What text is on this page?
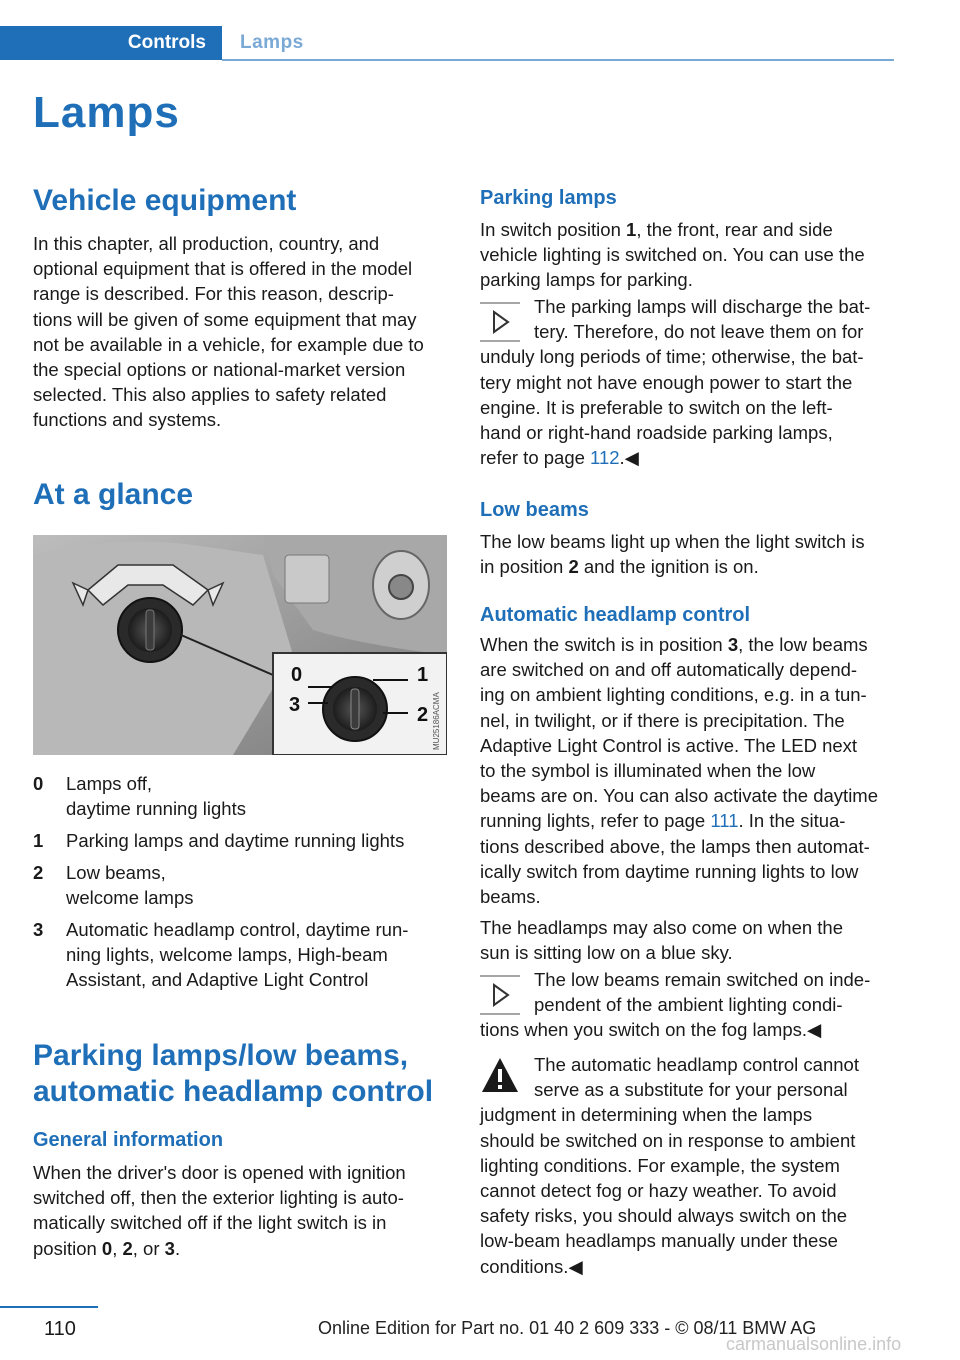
Controls	Lamps
Lamps
Vehicle equipment
In this chapter, all production, country, and
optional equipment that is offered in the model
range is described. For this reason, descrip-
tions will be given of some equipment that may
not be available in a vehicle, for example due to
the special options or national-market version
selected. This also applies to safety related
functions and systems.
At a glance
0	1
2
3	MU25186ACMA
0 Lamps off,
daytime running lights
1 Parking lamps and daytime running lights
2 Low beams,
welcome lamps
3 Automatic headlamp control, daytime run-
ning lights, welcome lamps, High-beam
Assistant, and Adaptive Light Control
Parking lamps/low beams,
automatic headlamp control
General information
When the driver's door is opened with ignition
switched off, then the exterior lighting is auto-
matically switched off if the light switch is in
position 0, 2, or 3.
Parking lamps
In switch position 1, the front, rear and side
vehicle lighting is switched on. You can use the
parking lamps for parking.
The parking lamps will discharge the bat-
tery. Therefore, do not leave them on for
unduly long periods of time; otherwise, the bat-
tery might not have enough power to start the
engine. It is preferable to switch on the left-
hand or right-hand roadside parking lamps,
refer to page 112.◀
Low beams
The low beams light up when the light switch is
in position 2 and the ignition is on.
Automatic headlamp control
When the switch is in position 3, the low beams
are switched on and off automatically depend-
ing on ambient lighting conditions, e.g. in a tun-
nel, in twilight, or if there is precipitation. The
Adaptive Light Control is active. The LED next
to the symbol is illuminated when the low
beams are on. You can also activate the daytime
running lights, refer to page 111. In the situa-
tions described above, the lamps then automat-
ically switch from daytime running lights to low
beams.
The headlamps may also come on when the
sun is sitting low on a blue sky.
The low beams remain switched on inde-
pendent of the ambient lighting condi-
tions when you switch on the fog lamps.◀
The automatic headlamp control cannot
serve as a substitute for your personal
judgment in determining when the lamps
should be switched on in response to ambient
lighting conditions. For example, the system
cannot detect fog or hazy weather. To avoid
safety risks, you should always switch on the
low-beam headlamps manually under these
conditions.◀
110	Online Edition for Part no. 01 40 2 609 333 - © 08/11 BMW AG
carmanualsonline.info
